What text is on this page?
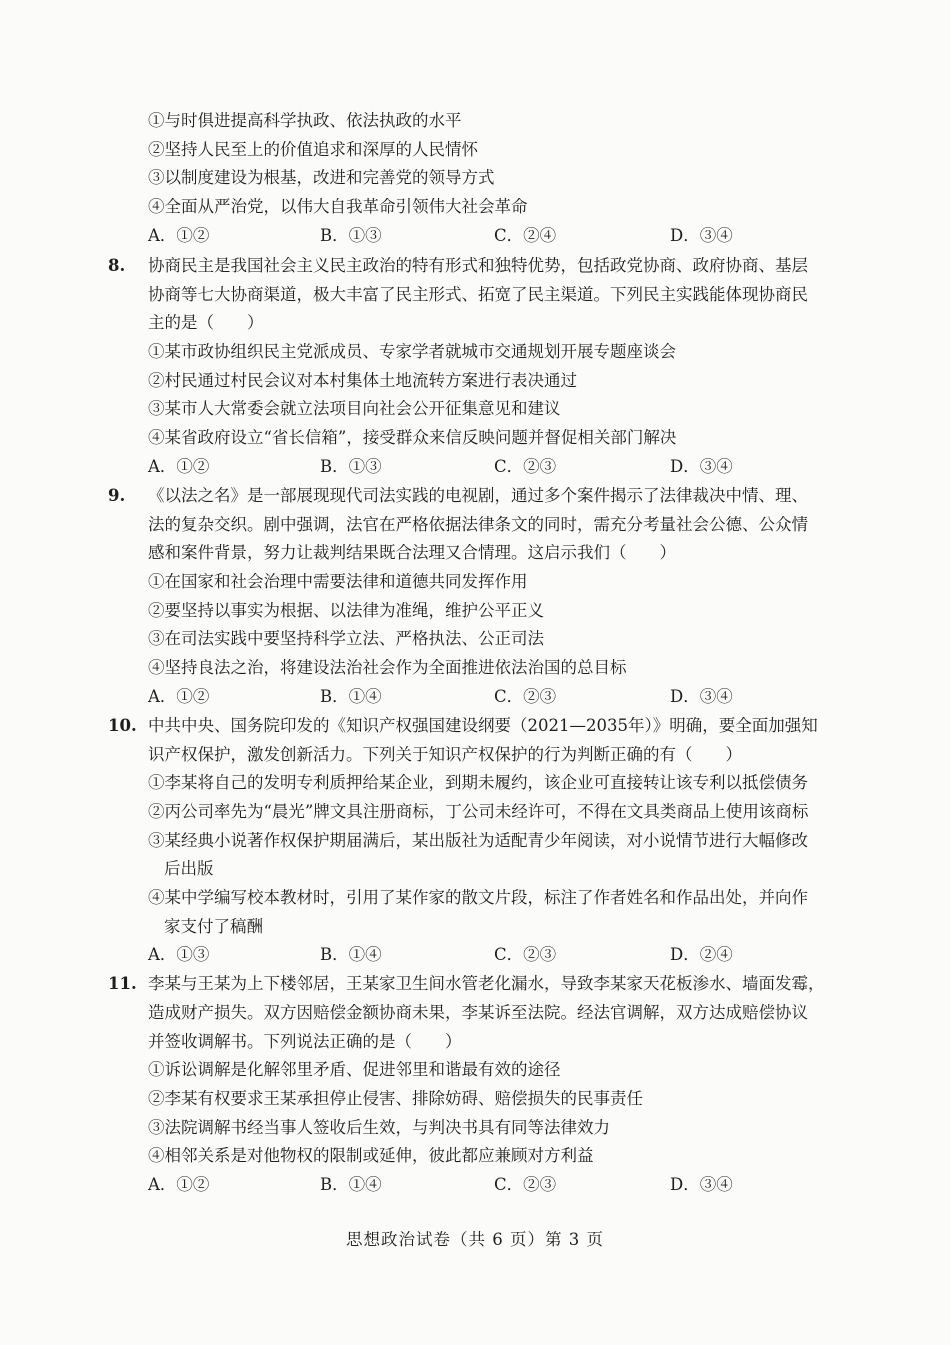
①与时俱进提高科学执政、依法执政的水平
②坚持人民至上的价值追求和深厚的人民情怀
③以制度建设为根基，改进和完善党的领导方式
④全面从严治党，以伟大自我革命引领伟大社会革命
A．①②	B．①③	C．②④	D．③④
8. 协商民主是我国社会主义民主政治的特有形式和独特优势，包括政党协商、政府协商、基层
协商等七大协商渠道，极大丰富了民主形式、拓宽了民主渠道。下列民主实践能体现协商民
主的是（　　）
①某市政协组织民主党派成员、专家学者就城市交通规划开展专题座谈会
②村民通过村民会议对本村集体土地流转方案进行表决通过
③某市人大常委会就立法项目向社会公开征集意见和建议
④某省政府设立“省长信箱”，接受群众来信反映问题并督促相关部门解决
A．①②	B．①③	C．②③	D．③④
9. 《以法之名》是一部展现现代司法实践的电视剧，通过多个案件揭示了法律裁决中情、理、
法的复杂交织。剧中强调，法官在严格依据法律条文的同时，需充分考量社会公德、公众情
感和案件背景，努力让裁判结果既合法理又合情理。这启示我们（　　）
①在国家和社会治理中需要法律和道德共同发挥作用
②要坚持以事实为根据、以法律为准绳，维护公平正义
③在司法实践中要坚持科学立法、严格执法、公正司法
④坚持良法之治，将建设法治社会作为全面推进依法治国的总目标
A．①②	B．①④	C．②③	D．③④
10. 中共中央、国务院印发的《知识产权强国建设纲要（2021—2035年）》明确，要全面加强知
识产权保护，激发创新活力。下列关于知识产权保护的行为判断正确的有（　　）
①李某将自己的发明专利质押给某企业，到期未履约，该企业可直接转让该专利以抵偿债务
②丙公司率先为“晨光”牌文具注册商标，丁公司未经许可，不得在文具类商品上使用该商标
③某经典小说著作权保护期届满后，某出版社为适配青少年阅读，对小说情节进行大幅修改
后出版
④某中学编写校本教材时，引用了某作家的散文片段，标注了作者姓名和作品出处，并向作
家支付了稿酬
A．①③	B．①④	C．②③	D．②④
11. 李某与王某为上下楼邻居，王某家卫生间水管老化漏水，导致李某家天花板渗水、墙面发霉，
造成财产损失。双方因赔偿金额协商未果，李某诉至法院。经法官调解，双方达成赔偿协议
并签收调解书。下列说法正确的是（　　）
①诉讼调解是化解邻里矛盾、促进邻里和谐最有效的途径
②李某有权要求王某承担停止侵害、排除妨碍、赔偿损失的民事责任
③法院调解书经当事人签收后生效，与判决书具有同等法律效力
④相邻关系是对他物权的限制或延伸，彼此都应兼顾对方利益
A．①②	B．①④	C．②③	D．③④
思想政治试卷（共 6 页）第 3 页
